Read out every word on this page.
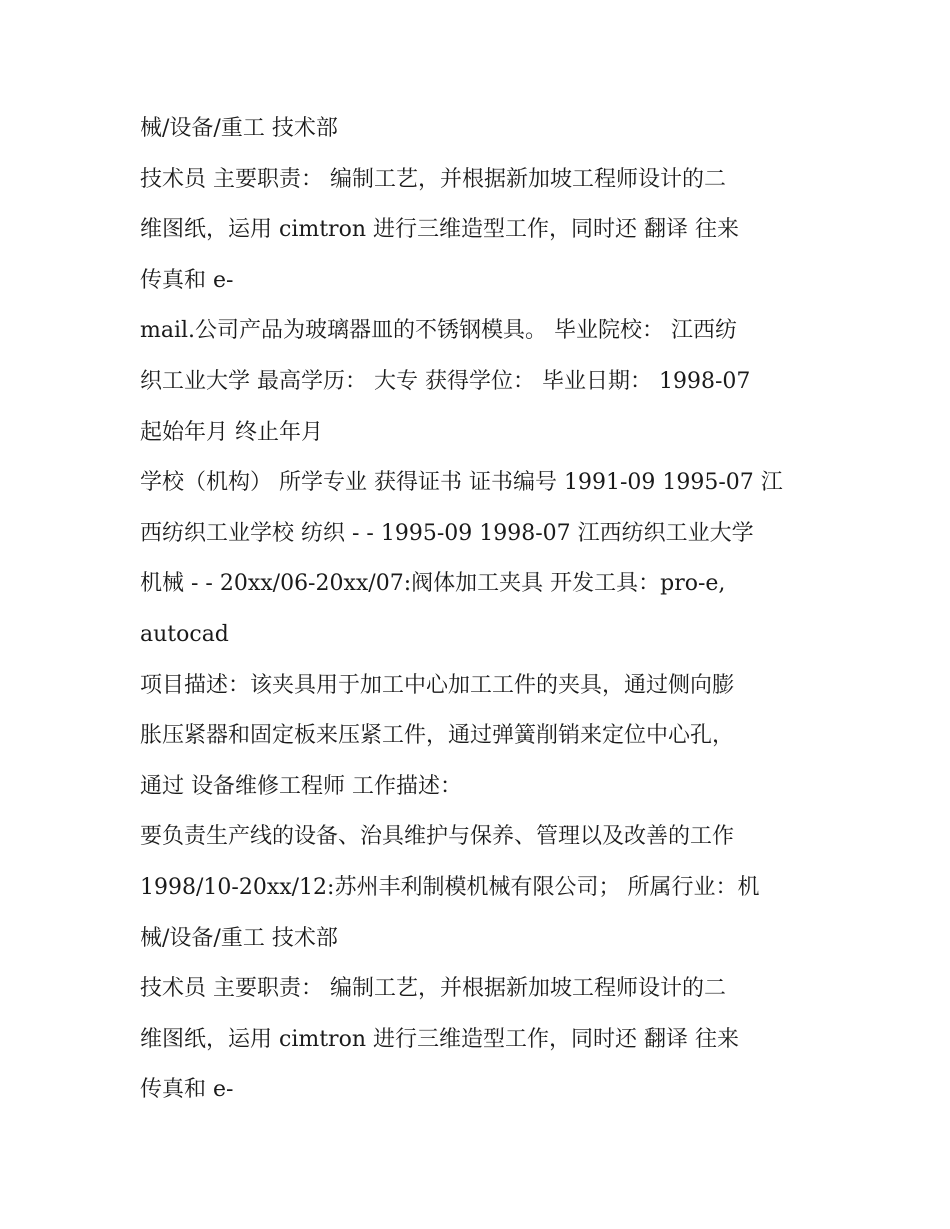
械/设备/重工 技术部
技术员 主要职责： 编制工艺，并根据新加坡工程师设计的二
维图纸，运用 cimtron 进行三维造型工作，同时还 翻译 往来
传真和 e-
mail.公司产品为玻璃器皿的不锈钢模具。 毕业院校： 江西纺
织工业大学 最高学历： 大专 获得学位： 毕业日期： 1998-07
起始年月 终止年月
学校（机构） 所学专业 获得证书 证书编号 1991-09 1995-07 江
西纺织工业学校 纺织 - - 1995-09 1998-07 江西纺织工业大学
机械 - - 20xx/06-20xx/07:阀体加工夹具 开发工具：pro-e,
autocad
项目描述：该夹具用于加工中心加工工件的夹具，通过侧向膨
胀压紧器和固定板来压紧工件，通过弹簧削销来定位中心孔，
通过 设备维修工程师 工作描述：
要负责生产线的设备、治具维护与保养、管理以及改善的工作
1998/10-20xx/12:苏州丰利制模机械有限公司； 所属行业：机
械/设备/重工 技术部
技术员 主要职责： 编制工艺，并根据新加坡工程师设计的二
维图纸，运用 cimtron 进行三维造型工作，同时还 翻译 往来
传真和 e-
